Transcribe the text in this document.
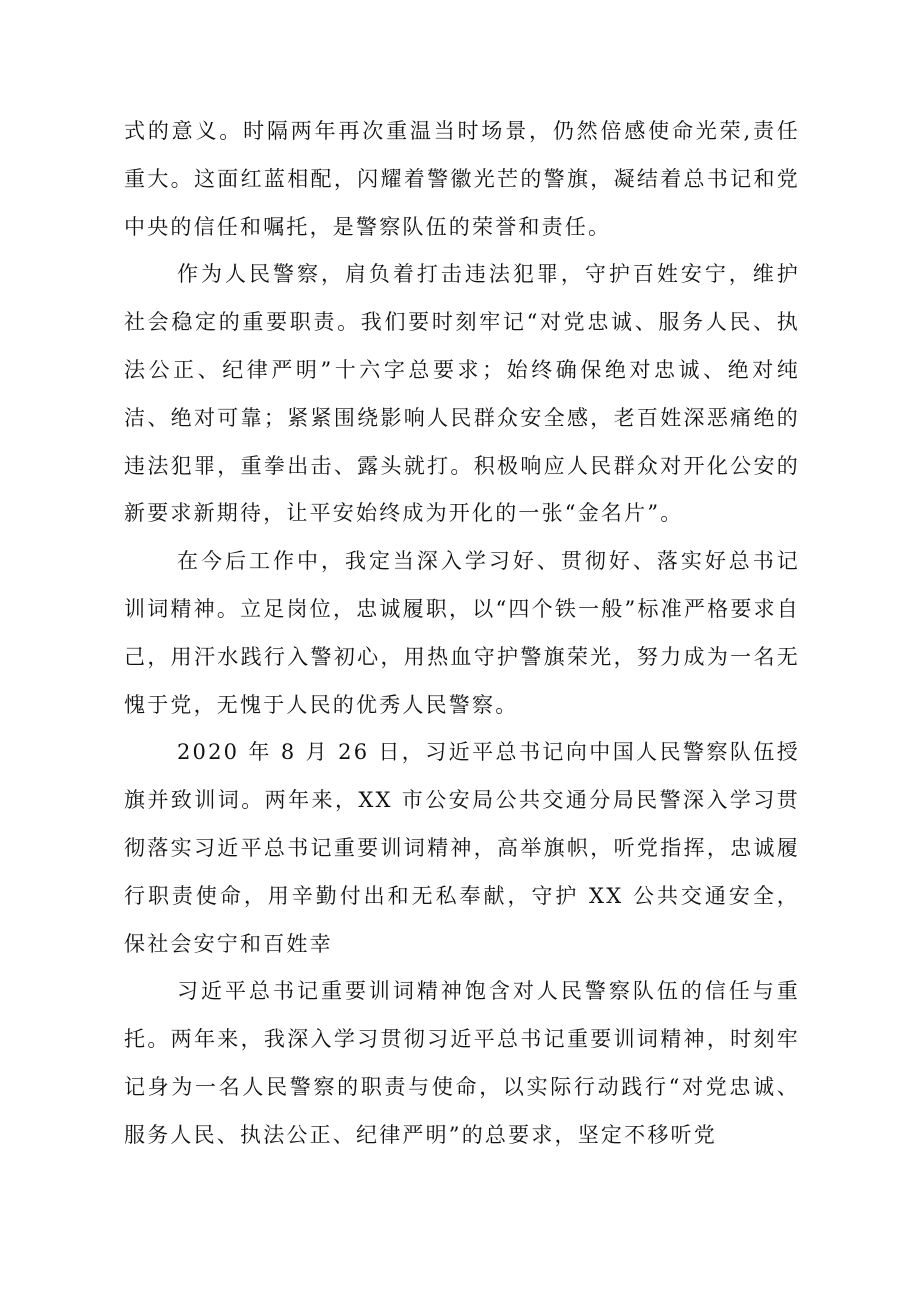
式的意义。时隔两年再次重温当时场景，仍然倍感使命光荣,责任重大。这面红蓝相配，闪耀着警徽光芒的警旗，凝结着总书记和党中央的信任和嘱托，是警察队伍的荣誉和责任。

作为人民警察，肩负着打击违法犯罪，守护百姓安宁，维护社会稳定的重要职责。我们要时刻牢记“对党忠诚、服务人民、执法公正、纪律严明”十六字总要求；始终确保绝对忠诚、绝对纯洁、绝对可靠；紧紧围绕影响人民群众安全感，老百姓深恶痛绝的违法犯罪，重拳出击、露头就打。积极响应人民群众对开化公安的新要求新期待，让平安始终成为开化的一张“金名片”。

在今后工作中，我定当深入学习好、贯彻好、落实好总书记训词精神。立足岗位，忠诚履职，以“四个铁一般”标准严格要求自己，用汗水践行入警初心，用热血守护警旗荣光，努力成为一名无愧于党，无愧于人民的优秀人民警察。

2020 年 8 月 26 日，习近平总书记向中国人民警察队伍授旗并致训词。两年来，XX 市公安局公共交通分局民警深入学习贯彻落实习近平总书记重要训词精神，高举旗帜，听党指挥，忠诚履行职责使命，用辛勤付出和无私奉献，守护 XX 公共交通安全，保社会安宁和百姓幸

习近平总书记重要训词精神饱含对人民警察队伍的信任与重托。两年来，我深入学习贯彻习近平总书记重要训词精神，时刻牢记身为一名人民警察的职责与使命，以实际行动践行“对党忠诚、服务人民、执法公正、纪律严明”的总要求，坚定不移听党
